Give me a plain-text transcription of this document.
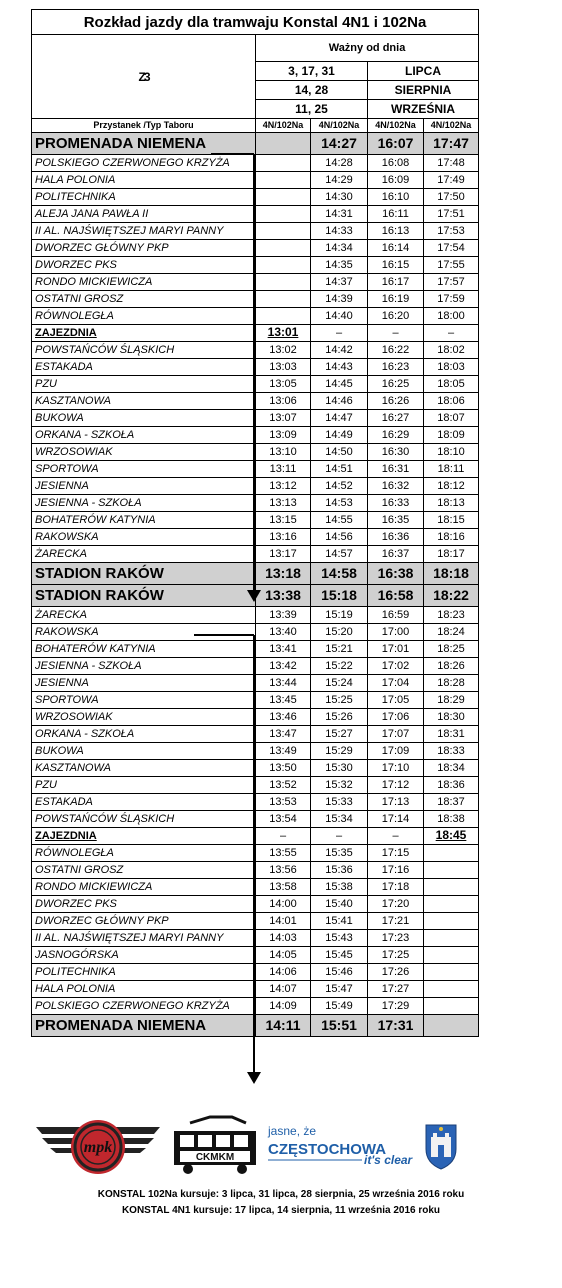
Rozkład jazdy dla tramwaju Konstal 4N1 i 102Na				
Z3	Ważny od dnia			
	3, 17, 31		LIPCA	
	14, 28		SIERPNIA	
	11, 25		WRZEŚNIA	
Przystanek /Typ Taboru	4N/102Na	4N/102Na	4N/102Na	4N/102Na
PROMENADA NIEMENA		14:27	16:07	17:47
POLSKIEGO CZERWONEGO KRZYŻA		14:28	16:08	17:48
HALA POLONIA		14:29	16:09	17:49
POLITECHNIKA		14:30	16:10	17:50
ALEJA JANA PAWŁA II		14:31	16:11	17:51
II AL. NAJŚWIĘTSZEJ MARYI PANNY		14:33	16:13	17:53
DWORZEC GŁÓWNY PKP		14:34	16:14	17:54
DWORZEC PKS		14:35	16:15	17:55
RONDO MICKIEWICZA		14:37	16:17	17:57
OSTATNI GROSZ		14:39	16:19	17:59
RÓWNOLEGŁA		14:40	16:20	18:00
ZAJEZDNIA	13:01	–	–	–
POWSTAŃCÓW ŚLĄSKICH	13:02	14:42	16:22	18:02
ESTAKADA	13:03	14:43	16:23	18:03
PZU	13:05	14:45	16:25	18:05
KASZTANOWA	13:06	14:46	16:26	18:06
BUKOWA	13:07	14:47	16:27	18:07
ORKANA - SZKOŁA	13:09	14:49	16:29	18:09
WRZOSOWIAK	13:10	14:50	16:30	18:10
SPORTOWA	13:11	14:51	16:31	18:11
JESIENNA	13:12	14:52	16:32	18:12
JESIENNA - SZKOŁA	13:13	14:53	16:33	18:13
BOHATERÓW KATYNIA	13:15	14:55	16:35	18:15
RAKOWSKA	13:16	14:56	16:36	18:16
ŻARECKA	13:17	14:57	16:37	18:17
STADION RAKÓW	13:18	14:58	16:38	18:18
STADION RAKÓW	13:38	15:18	16:58	18:22
ŻARECKA	13:39	15:19	16:59	18:23
RAKOWSKA	13:40	15:20	17:00	18:24
BOHATERÓW KATYNIA	13:41	15:21	17:01	18:25
JESIENNA - SZKOŁA	13:42	15:22	17:02	18:26
JESIENNA	13:44	15:24	17:04	18:28
SPORTOWA	13:45	15:25	17:05	18:29
WRZOSOWIAK	13:46	15:26	17:06	18:30
ORKANA - SZKOŁA	13:47	15:27	17:07	18:31
BUKOWA	13:49	15:29	17:09	18:33
KASZTANOWA	13:50	15:30	17:10	18:34
PZU	13:52	15:32	17:12	18:36
ESTAKADA	13:53	15:33	17:13	18:37
POWSTAŃCÓW ŚLĄSKICH	13:54	15:34	17:14	18:38
ZAJEZDNIA	–	–	–	18:45
RÓWNOLEGŁA	13:55	15:35	17:15	
OSTATNI GROSZ	13:56	15:36	17:16	
RONDO MICKIEWICZA	13:58	15:38	17:18	
DWORZEC PKS	14:00	15:40	17:20	
DWORZEC GŁÓWNY PKP	14:01	15:41	17:21	
II AL. NAJŚWIĘTSZEJ MARYI PANNY	14:03	15:43	17:23	
JASNOGÓRSKA	14:05	15:45	17:25	
POLITECHNIKA	14:06	15:46	17:26	
HALA POLONIA	14:07	15:47	17:27	
POLSKIEGO CZERWONEGO KRZYŻA	14:09	15:49	17:29	
PROMENADA NIEMENA	14:11	15:51	17:31	
mpk
CKMKM
jasne, że
CZĘSTOCHOWA
it's clear
KONSTAL 102Na kursuje: 3 lipca, 31 lipca, 28 sierpnia, 25 września 2016 roku
KONSTAL 4N1 kursuje: 17 lipca, 14 sierpnia, 11 września 2016 roku
